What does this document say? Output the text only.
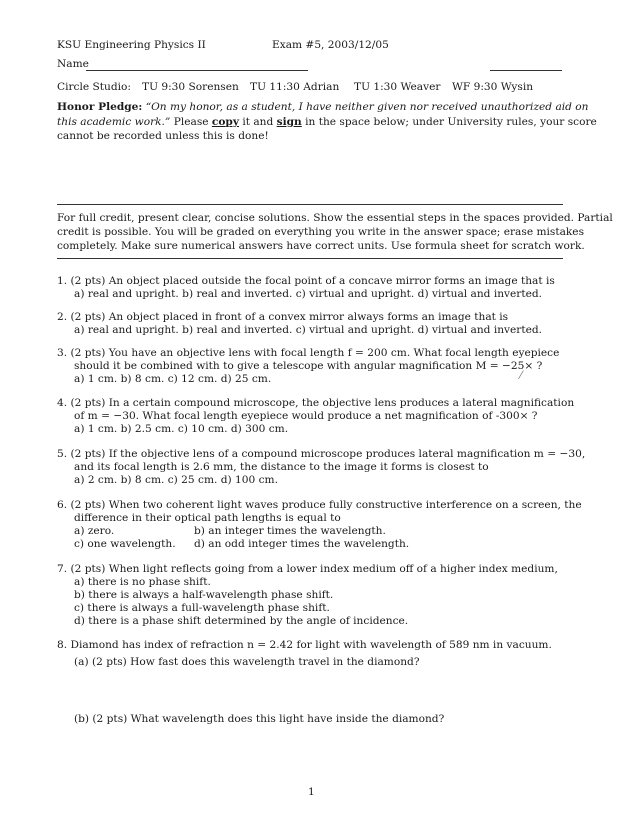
KSU Engineering Physics II	Exam #5, 2003/12/05
Name
Circle Studio: TU 9:30 Sorensen TU 11:30 Adrian TU 1:30 Weaver WF 9:30 Wysin
Honor Pledge: “On my honor, as a student, I have neither given nor received unauthorized aid on
this academic work.” Please copy it and sign in the space below; under University rules, your score
cannot be recorded unless this is done!
For full credit, present clear, concise solutions. Show the essential steps in the spaces provided. Partial
credit is possible. You will be graded on everything you write in the answer space; erase mistakes
completely. Make sure numerical answers have correct units. Use formula sheet for scratch work.
1. (2 pts) An object placed outside the focal point of a concave mirror forms an image that is
a) real and upright. b) real and inverted. c) virtual and upright. d) virtual and inverted.
2. (2 pts) An object placed in front of a convex mirror always forms an image that is
a) real and upright. b) real and inverted. c) virtual and upright. d) virtual and inverted.
3. (2 pts) You have an objective lens with focal length f = 200 cm. What focal length eyepiece
should it be combined with to give a telescope with angular magnification M = −25× ?
a) 1 cm. b) 8 cm. c) 12 cm. d) 25 cm.	⁄
4. (2 pts) In a certain compound microscope, the objective lens produces a lateral magnification
of m = −30. What focal length eyepiece would produce a net magnification of -300× ?
a) 1 cm. b) 2.5 cm. c) 10 cm. d) 300 cm.
5. (2 pts) If the objective lens of a compound microscope produces lateral magnification m = −30,
and its focal length is 2.6 mm, the distance to the image it forms is closest to
a) 2 cm. b) 8 cm. c) 25 cm. d) 100 cm.
6. (2 pts) When two coherent light waves produce fully constructive interference on a screen, the
difference in their optical path lengths is equal to
a) zero.	b) an integer times the wavelength.
c) one wavelength.	d) an odd integer times the wavelength.
7. (2 pts) When light reflects going from a lower index medium off of a higher index medium,
a) there is no phase shift.
b) there is always a half-wavelength phase shift.
c) there is always a full-wavelength phase shift.
d) there is a phase shift determined by the angle of incidence.
8. Diamond has index of refraction n = 2.42 for light with wavelength of 589 nm in vacuum.
(a) (2 pts) How fast does this wavelength travel in the diamond?
(b) (2 pts) What wavelength does this light have inside the diamond?
1
